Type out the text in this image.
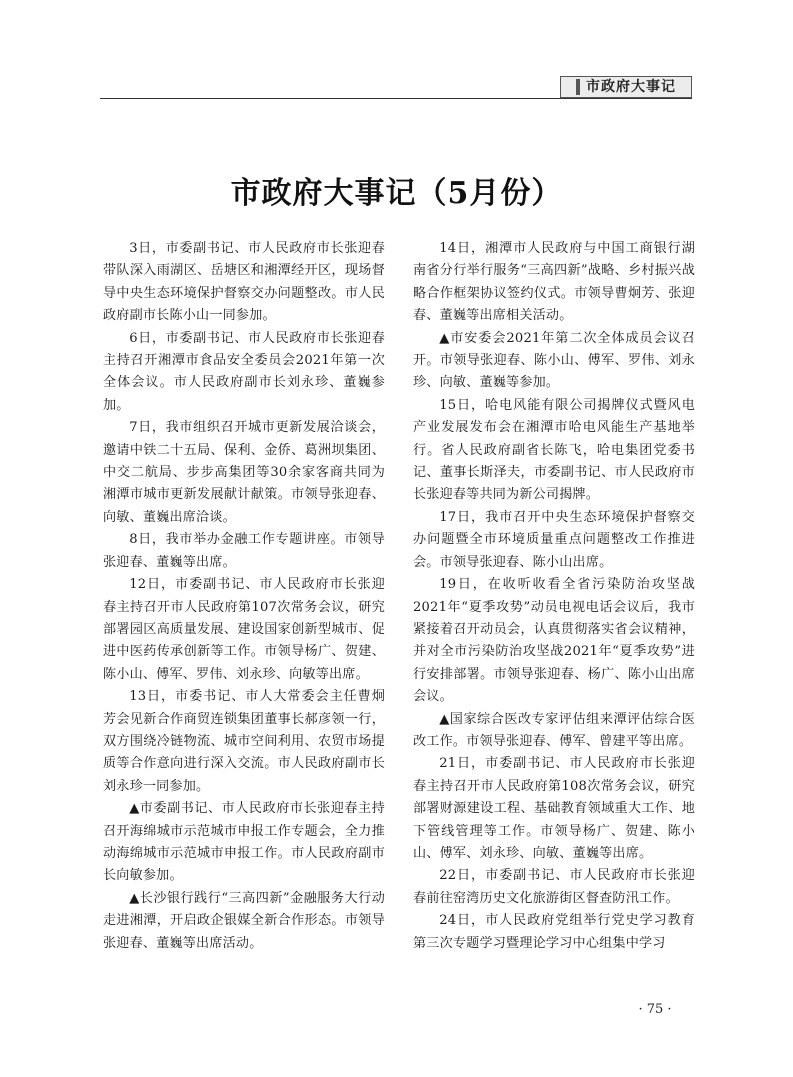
市政府大事记
市政府大事记（5月份）

3日，市委副书记、市人民政府市长张迎春带队深入雨湖区、岳塘区和湘潭经开区，现场督导中央生态环境保护督察交办问题整改。市人民政府副市长陈小山一同参加。

6日，市委副书记、市人民政府市长张迎春主持召开湘潭市食品安全委员会2021年第一次全体会议。市人民政府副市长刘永珍、董巍参加。

7日，我市组织召开城市更新发展洽谈会，邀请中铁二十五局、保利、金侨、葛洲坝集团、中交二航局、步步高集团等30余家客商共同为湘潭市城市更新发展献计献策。市领导张迎春、向敏、董巍出席洽谈。

8日，我市举办金融工作专题讲座。市领导张迎春、董巍等出席。

12日，市委副书记、市人民政府市长张迎春主持召开市人民政府第107次常务会议，研究部署园区高质量发展、建设国家创新型城市、促进中医药传承创新等工作。市领导杨广、贺建、陈小山、傅军、罗伟、刘永珍、向敏等出席。

13日，市委书记、市人大常委会主任曹炯芳会见新合作商贸连锁集团董事长郝彦领一行，双方围绕冷链物流、城市空间利用、农贸市场提质等合作意向进行深入交流。市人民政府副市长刘永珍一同参加。

▲市委副书记、市人民政府市长张迎春主持召开海绵城市示范城市申报工作专题会，全力推动海绵城市示范城市申报工作。市人民政府副市长向敏参加。

▲长沙银行践行“三高四新”金融服务大行动走进湘潭，开启政企银媒全新合作形态。市领导张迎春、董巍等出席活动。

14日，湘潭市人民政府与中国工商银行湖南省分行举行服务“三高四新”战略、乡村振兴战略合作框架协议签约仪式。市领导曹炯芳、张迎春、董巍等出席相关活动。

▲市安委会2021年第二次全体成员会议召开。市领导张迎春、陈小山、傅军、罗伟、刘永珍、向敏、董巍等参加。

15日，哈电风能有限公司揭牌仪式暨风电产业发展发布会在湘潭市哈电风能生产基地举行。省人民政府副省长陈飞，哈电集团党委书记、董事长斯泽夫，市委副书记、市人民政府市长张迎春等共同为新公司揭牌。

17日，我市召开中央生态环境保护督察交办问题暨全市环境质量重点问题整改工作推进会。市领导张迎春、陈小山出席。

19日，在收听收看全省污染防治攻坚战2021年“夏季攻势”动员电视电话会议后，我市紧接着召开动员会，认真贯彻落实省会议精神，并对全市污染防治攻坚战2021年“夏季攻势”进行安排部署。市领导张迎春、杨广、陈小山出席会议。

▲国家综合医改专家评估组来潭评估综合医改工作。市领导张迎春、傅军、曾建平等出席。

21日，市委副书记、市人民政府市长张迎春主持召开市人民政府第108次常务会议，研究部署财源建设工程、基础教育领域重大工作、地下管线管理等工作。市领导杨广、贺建、陈小山、傅军、刘永珍、向敏、董巍等出席。

22日，市委副书记、市人民政府市长张迎春前往窑湾历史文化旅游街区督查防汛工作。

24日，市人民政府党组举行党史学习教育第三次专题学习暨理论学习中心组集中学习

· 75 ·
